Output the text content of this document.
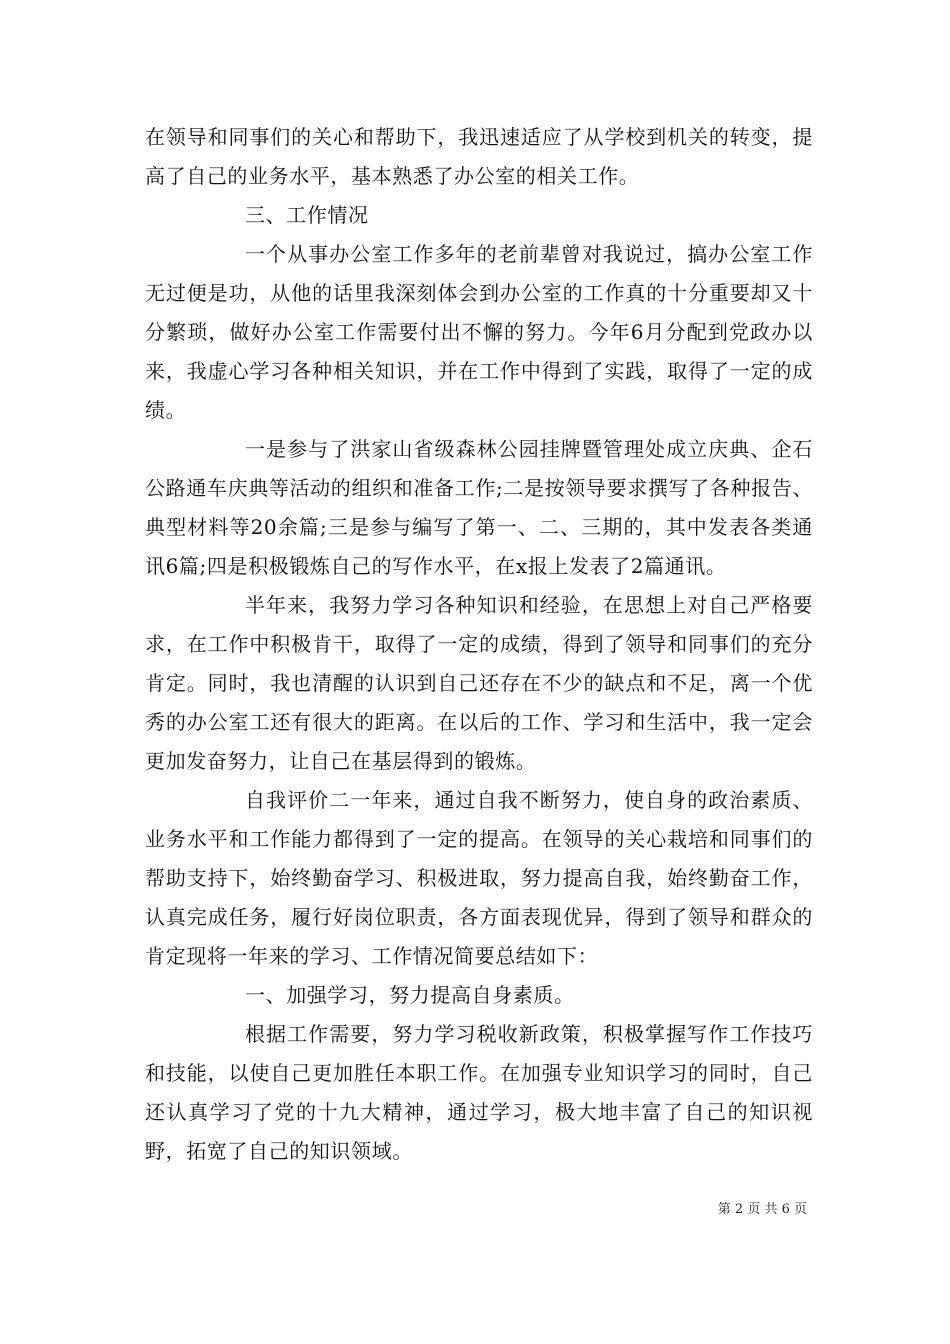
在领导和同事们的关心和帮助下，我迅速适应了从学校到机关的转变，提高了自己的业务水平，基本熟悉了办公室的相关工作。

三、工作情况

一个从事办公室工作多年的老前辈曾对我说过，搞办公室工作无过便是功，从他的话里我深刻体会到办公室的工作真的十分重要却又十分繁琐，做好办公室工作需要付出不懈的努力。今年6月分配到党政办以来，我虚心学习各种相关知识，并在工作中得到了实践，取得了一定的成绩。

一是参与了洪家山省级森林公园挂牌暨管理处成立庆典、企石公路通车庆典等活动的组织和准备工作;二是按领导要求撰写了各种报告、典型材料等20余篇;三是参与编写了第一、二、三期的，其中发表各类通讯6篇;四是积极锻炼自己的写作水平，在x报上发表了2篇通讯。

半年来，我努力学习各种知识和经验，在思想上对自己严格要求，在工作中积极肯干，取得了一定的成绩，得到了领导和同事们的充分肯定。同时，我也清醒的认识到自己还存在不少的缺点和不足，离一个优秀的办公室工还有很大的距离。在以后的工作、学习和生活中，我一定会更加发奋努力，让自己在基层得到的锻炼。

自我评价二一年来，通过自我不断努力，使自身的政治素质、业务水平和工作能力都得到了一定的提高。在领导的关心栽培和同事们的帮助支持下，始终勤奋学习、积极进取，努力提高自我，始终勤奋工作，认真完成任务，履行好岗位职责，各方面表现优异，得到了领导和群众的肯定现将一年来的学习、工作情况简要总结如下：

一、加强学习，努力提高自身素质。

根据工作需要，努力学习税收新政策，积极掌握写作工作技巧和技能，以使自己更加胜任本职工作。在加强专业知识学习的同时，自己还认真学习了党的十九大精神，通过学习，极大地丰富了自己的知识视野，拓宽了自己的知识领域。

第 2 页 共 6 页
